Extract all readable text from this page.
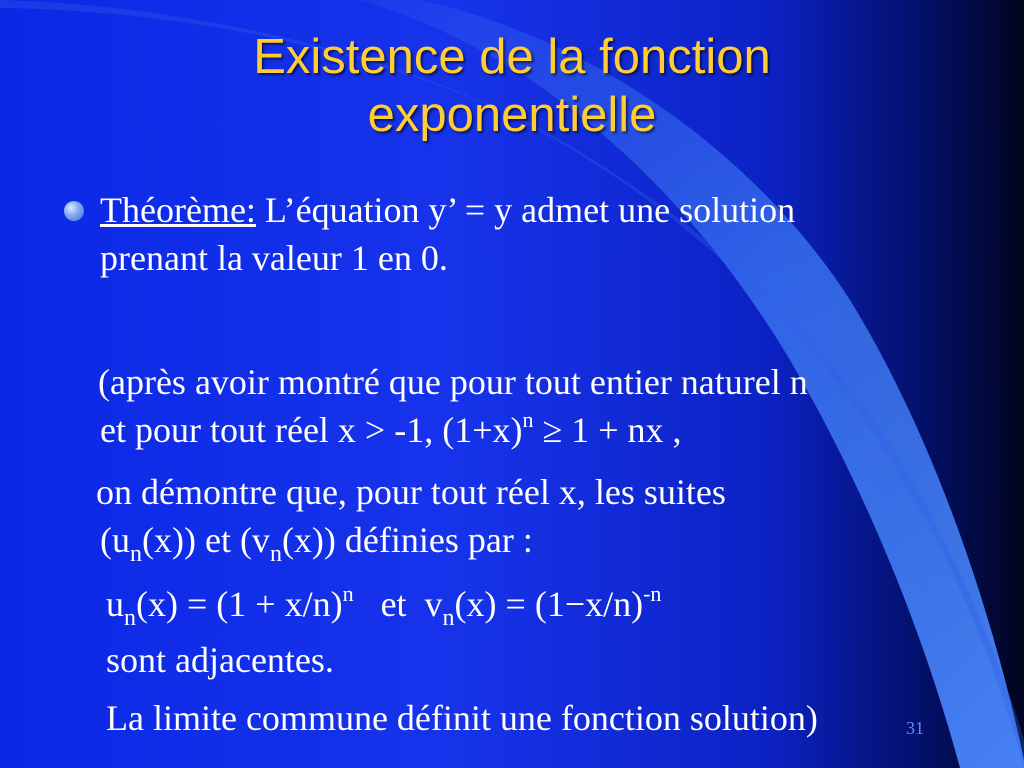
Existence de la fonction
exponentielle

Théorème: L’équation y’ = y admet une solution

prenant la valeur 1 en 0.

(après avoir montré que pour tout entier naturel n

et pour tout réel x > -1, $(1+x)^n \ge 1$ + nx ,

on démontre que, pour tout réel x, les suites

$(u_n(x))$ et $(v_n(x))$ définies par :

$u_n(x) = (1 + x/n)^n$   et  $v_n(x) = (1-x/n)^{-n}$

sont adjacentes.

La limite commune définit une fonction solution)	31
